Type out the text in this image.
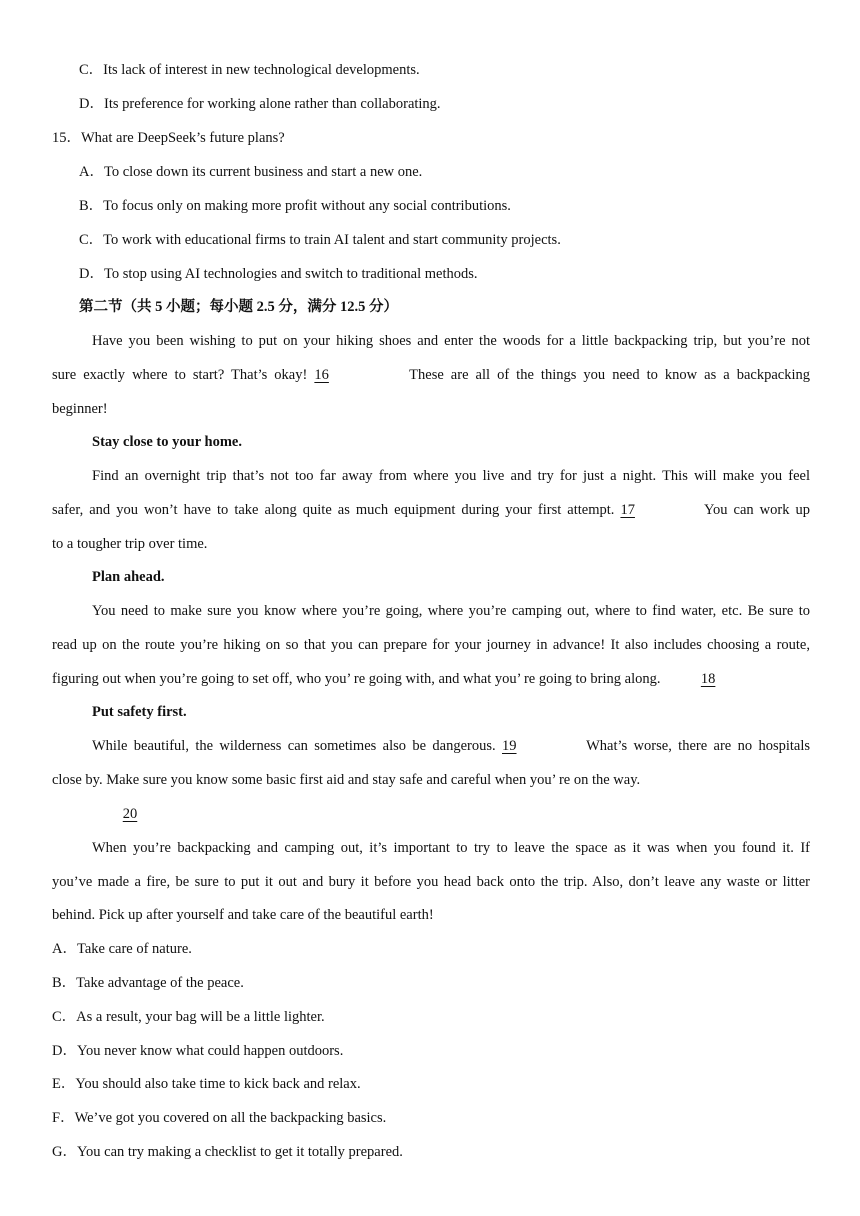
C．Its lack of interest in new technological developments.
D．Its preference for working alone rather than collaborating.
15．What are DeepSeek’s future plans?
A．To close down its current business and start a new one.
B．To focus only on making more profit without any social contributions.
C．To work with educational firms to train AI talent and start community projects.
D．To stop using AI technologies and switch to traditional methods.
第二节（共 5 小题；每小题 2.5 分，满分 12.5 分）
Have you been wishing to put on your hiking shoes and enter the woods for a little backpacking trip, but you’re not
sure exactly where to start? That’s okay! 16	These are all of the things you need to know as a backpacking
beginner!
Stay close to your home.
Find an overnight trip that’s not too far away from where you live and try for just a night. This will make you feel
safer, and you won’t have to take along quite as much equipment during your first attempt. 17	You can work up
to a tougher trip over time.
Plan ahead.
You need to make sure you know where you’re going, where you’re camping out, where to find water, etc. Be sure to
read up on the route you’re hiking on so that you can prepare for your journey in advance! It also includes choosing a route,
figuring out when you’re going to set off, who you’ re going with, and what you’ re going to bring along.	18
Put safety first.
While beautiful, the wilderness can sometimes also be dangerous. 19	What’s worse, there are no hospitals
close by. Make sure you know some basic first aid and stay safe and careful when you’ re on the way.
20
When you’re backpacking and camping out, it’s important to try to leave the space as it was when you found it. If
you’ve made a fire, be sure to put it out and bury it before you head back onto the trip. Also, don’t leave any waste or litter
behind. Pick up after yourself and take care of the beautiful earth!
A．Take care of nature.
B．Take advantage of the peace.
C．As a result, your bag will be a little lighter.
D．You never know what could happen outdoors.
E．You should also take time to kick back and relax.
F．We’ve got you covered on all the backpacking basics.
G．You can try making a checklist to get it totally prepared.
